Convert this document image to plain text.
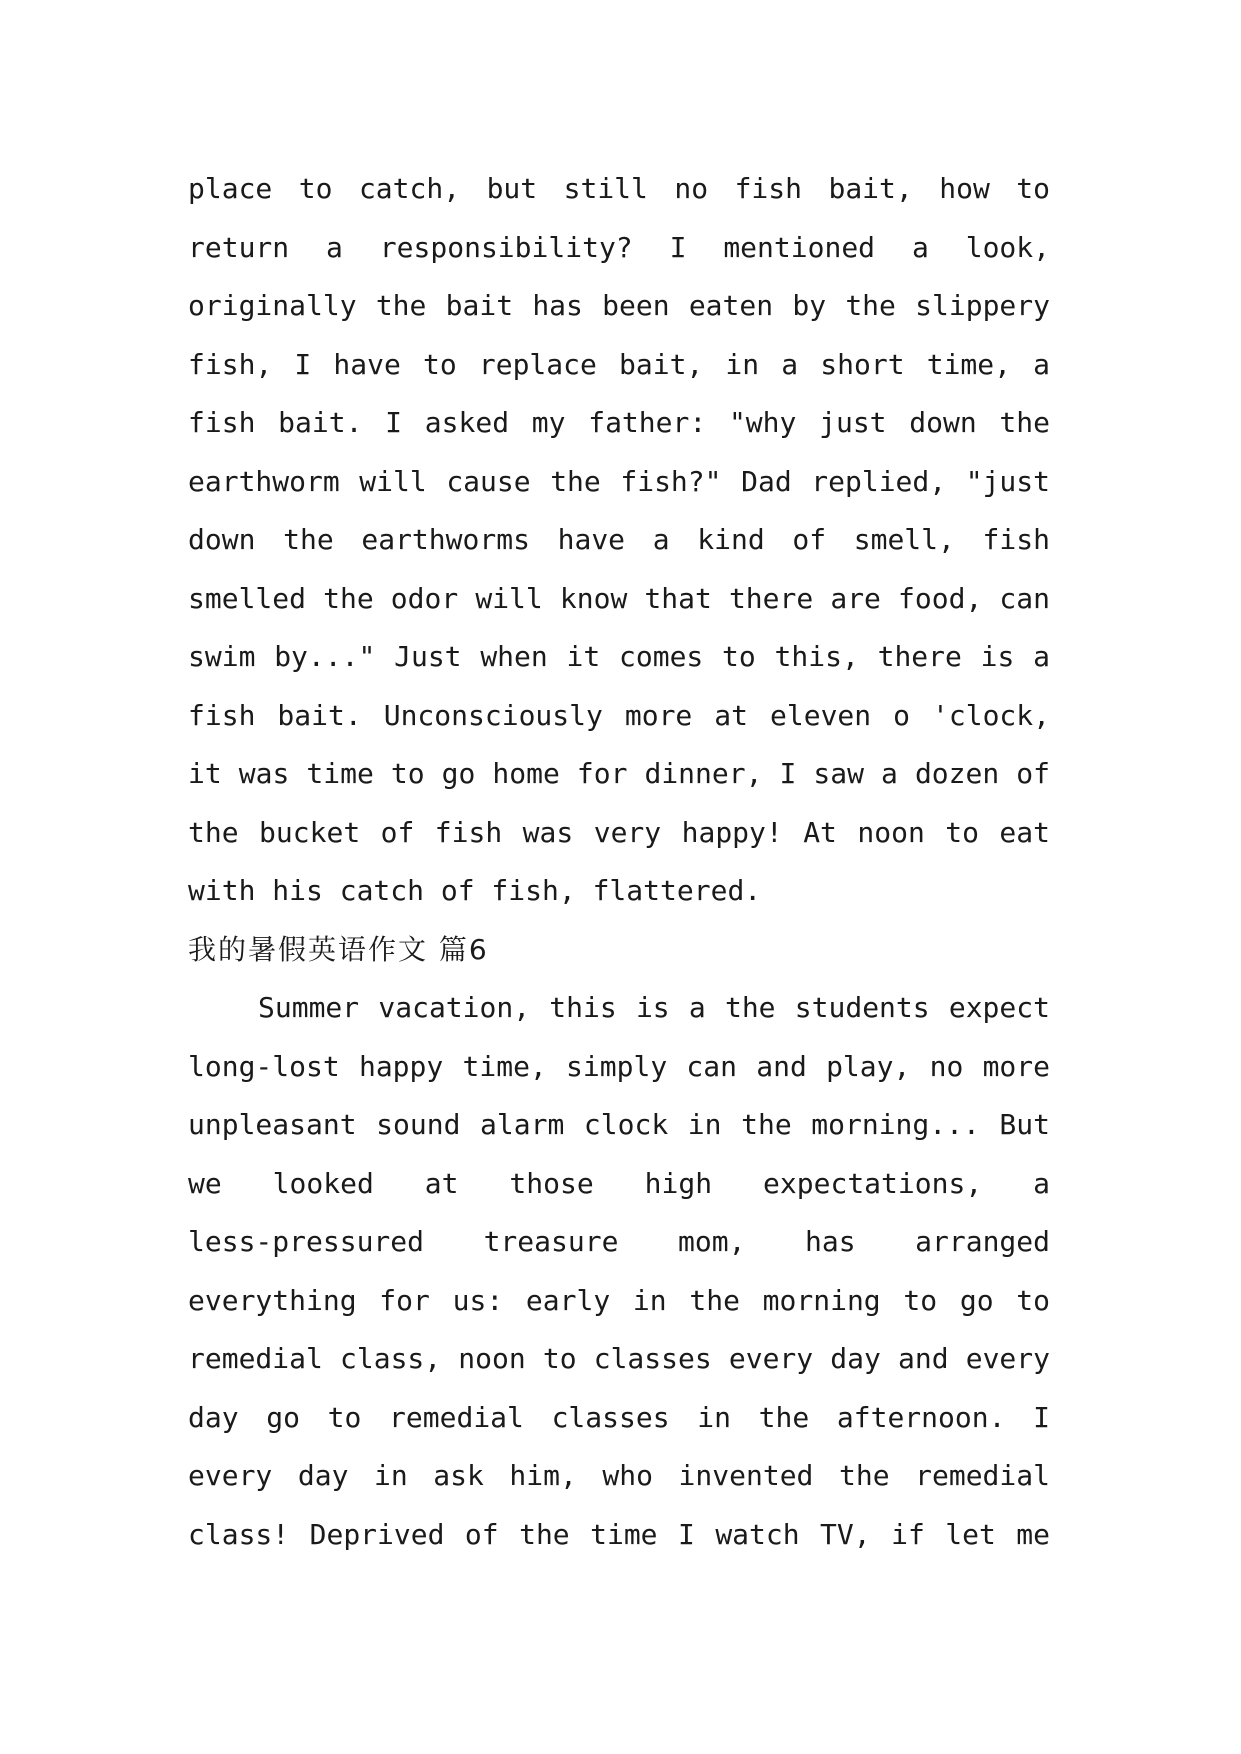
place to catch, but still no fish bait, how to
return a responsibility? I mentioned a look,
originally the bait has been eaten by the slippery
fish, I have to replace bait, in a short time, a
fish bait. I asked my father: "why just down the
earthworm will cause the fish?" Dad replied, "just
down the earthworms have a kind of smell, fish
smelled the odor will know that there are food, can
swim by..." Just when it comes to this, there is a
fish bait. Unconsciously more at eleven o 'clock,
it was time to go home for dinner, I saw a dozen of
the bucket of fish was very happy! At noon to eat
with his catch of fish, flattered.
我的暑假英语作文 篇6
Summer vacation, this is a the students expect
long-lost happy time, simply can and play, no more
unpleasant sound alarm clock in the morning... But
we looked at those high expectations, a
less-pressured treasure mom, has arranged
everything for us: early in the morning to go to
remedial class, noon to classes every day and every
day go to remedial classes in the afternoon. I
every day in ask him, who invented the remedial
class! Deprived of the time I watch TV, if let me
